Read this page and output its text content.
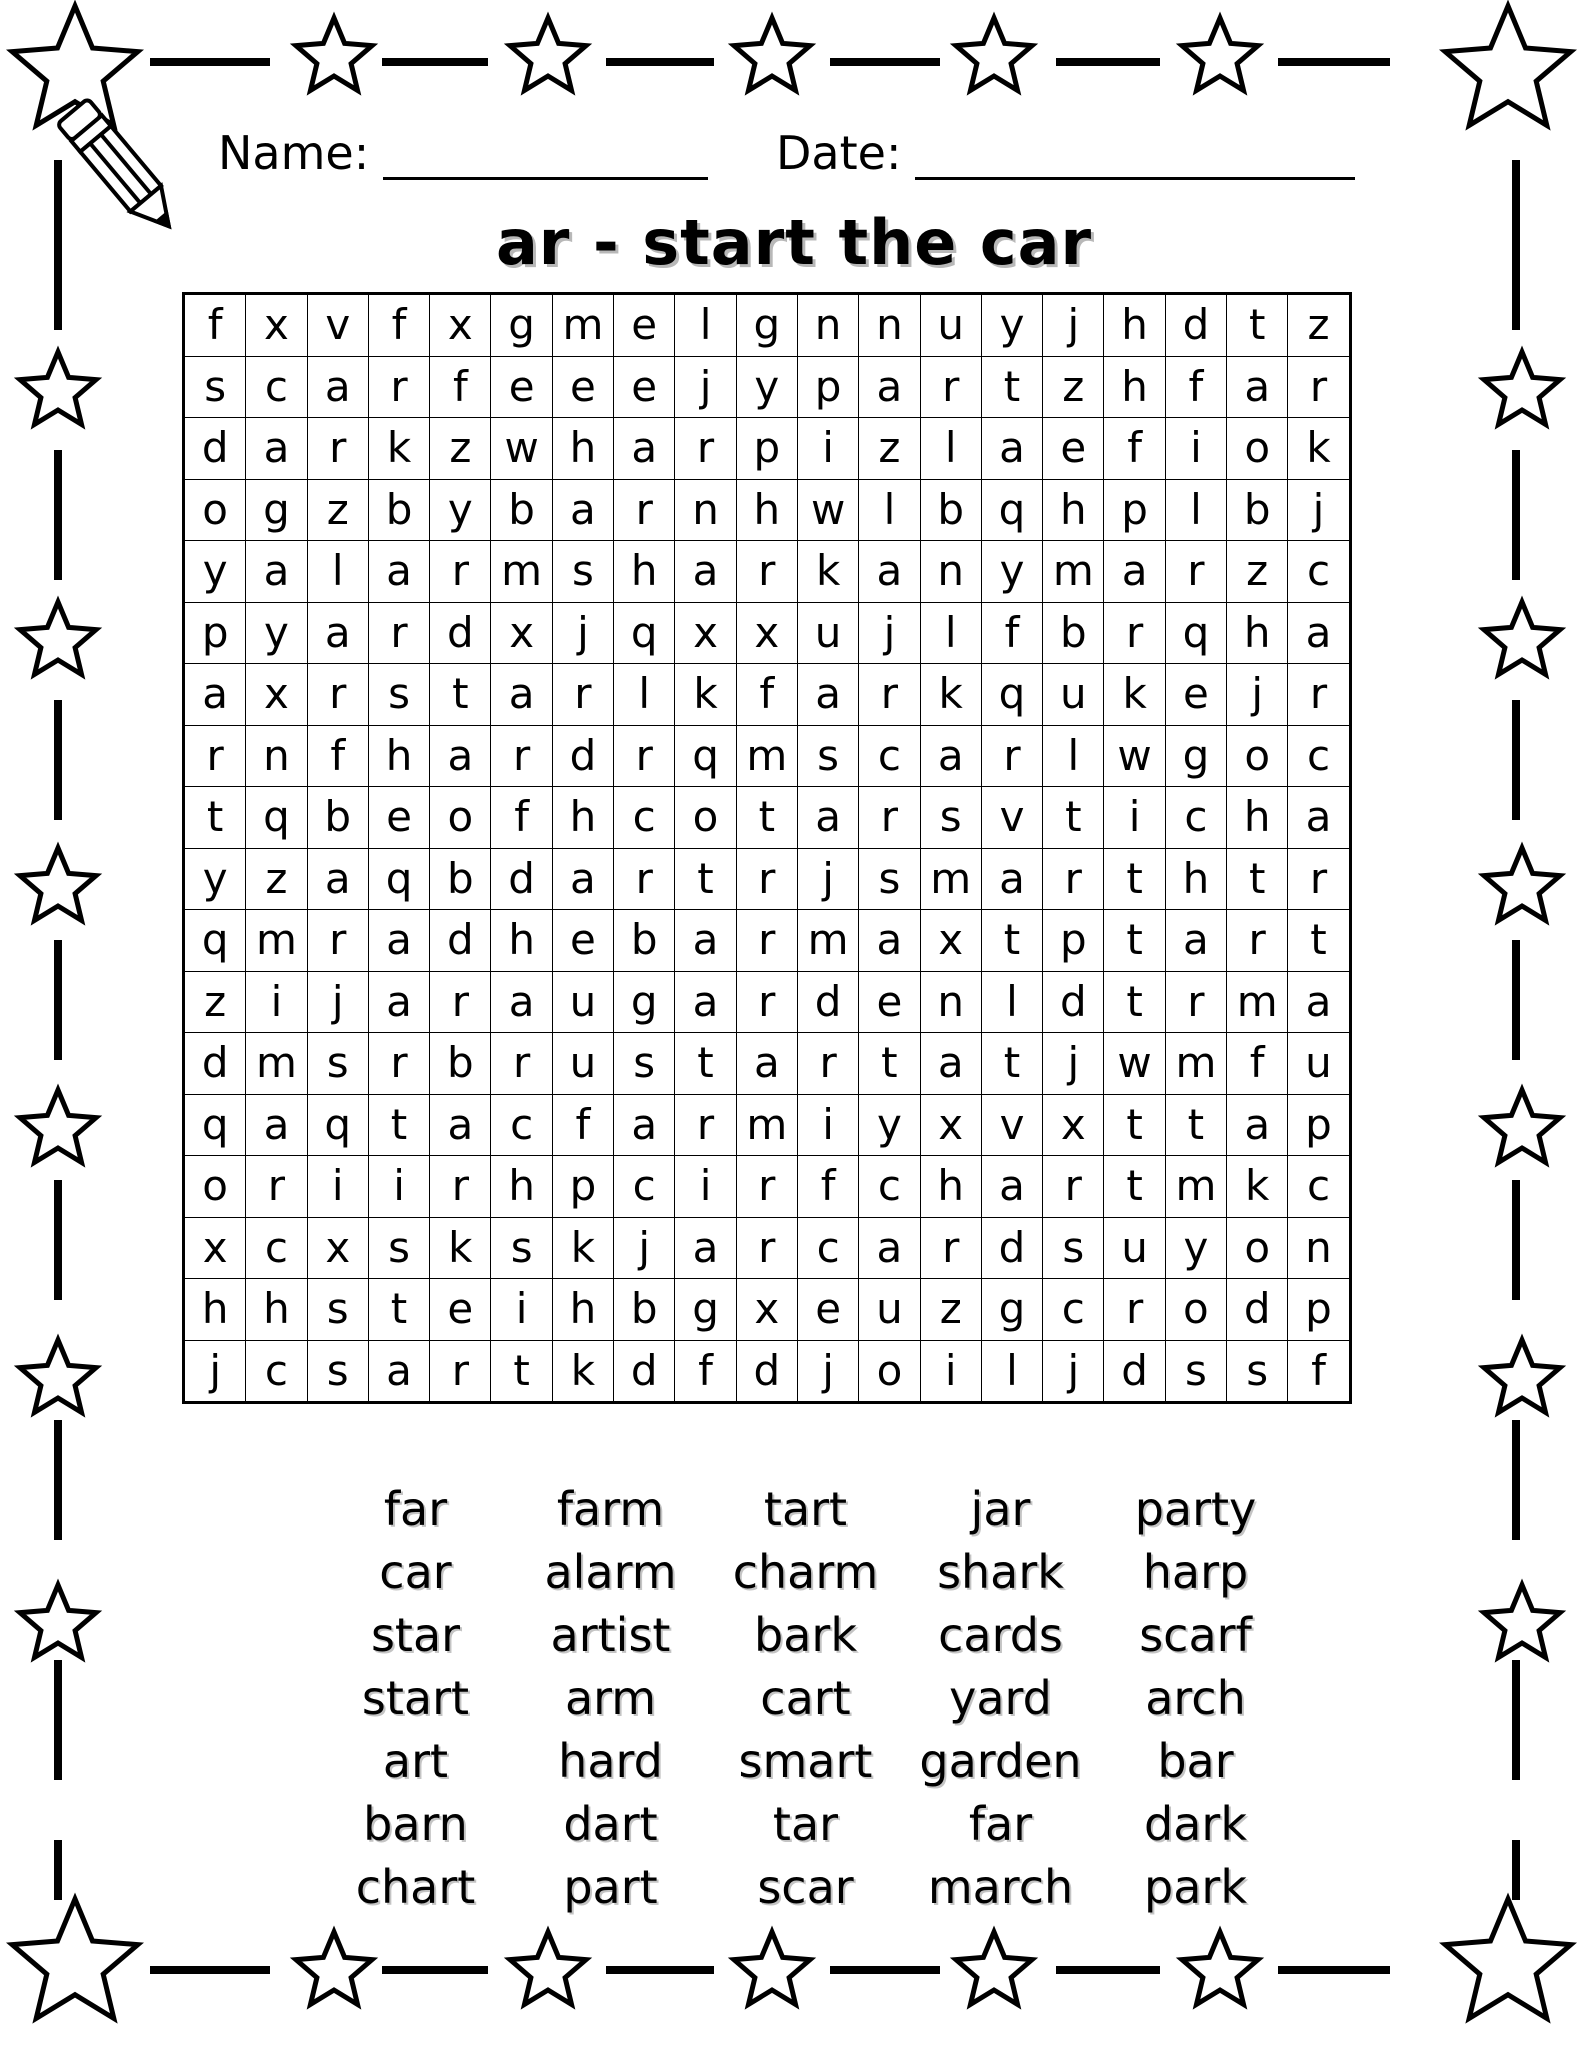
Name:	Date:
ar - start the car
f	x	v	f	x	g	m	e	l	g	n	n	u	y	j	h	d	t	z
s	c	a	r	f	e	e	e	j	y	p	a	r	t	z	h	f	a	r
d	a	r	k	z	w	h	a	r	p	i	z	l	a	e	f	i	o	k
o	g	z	b	y	b	a	r	n	h	w	l	b	q	h	p	l	b	j
y	a	l	a	r	m	s	h	a	r	k	a	n	y	m	a	r	z	c
p	y	a	r	d	x	j	q	x	x	u	j	l	f	b	r	q	h	a
a	x	r	s	t	a	r	l	k	f	a	r	k	q	u	k	e	j	r
r	n	f	h	a	r	d	r	q	m	s	c	a	r	l	w	g	o	c
t	q	b	e	o	f	h	c	o	t	a	r	s	v	t	i	c	h	a
y	z	a	q	b	d	a	r	t	r	j	s	m	a	r	t	h	t	r
q	m	r	a	d	h	e	b	a	r	m	a	x	t	p	t	a	r	t
z	i	j	a	r	a	u	g	a	r	d	e	n	l	d	t	r	m	a
d	m	s	r	b	r	u	s	t	a	r	t	a	t	j	w	m	f	u
q	a	q	t	a	c	f	a	r	m	i	y	x	v	x	t	t	a	p
o	r	i	i	r	h	p	c	i	r	f	c	h	a	r	t	m	k	c
x	c	x	s	k	s	k	j	a	r	c	a	r	d	s	u	y	o	n
h	h	s	t	e	i	h	b	g	x	e	u	z	g	c	r	o	d	p
j	c	s	a	r	t	k	d	f	d	j	o	i	l	j	d	s	s	f
far	farm	tart	jar	party
car	alarm	charm	shark	harp
star	artist	bark	cards	scarf
start	arm	cart	yard	arch
art	hard	smart	garden	bar
barn	dart	tar	far	dark
chart	part	scar	march	park
